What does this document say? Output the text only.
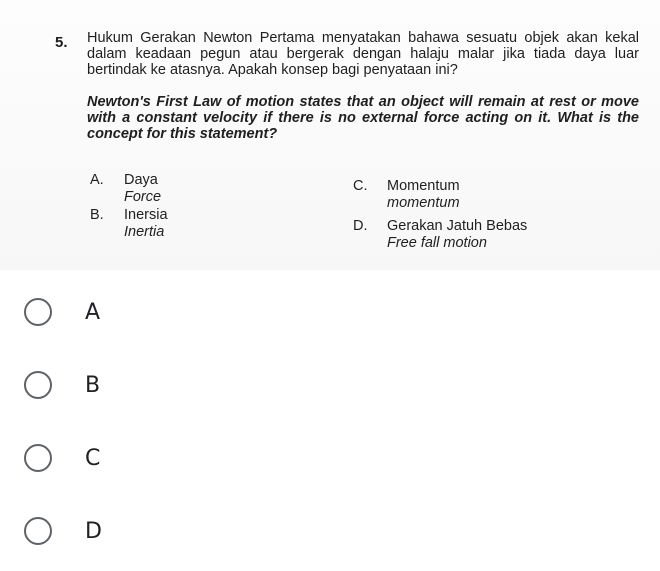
5. Hukum Gerakan Newton Pertama menyatakan bahawa sesuatu objek akan kekal dalam keadaan pegun atau bergerak dengan halaju malar jika tiada daya luar bertindak ke atasnya. Apakah konsep bagi penyataan ini?
Newton's First Law of motion states that an object will remain at rest or move with a constant velocity if there is no external force acting on it. What is the concept for this statement?
A. Daya
Force
B. Inersia
Inertia
C. Momentum
momentum
D. Gerakan Jatuh Bebas
Free fall motion
A
B
C
D
